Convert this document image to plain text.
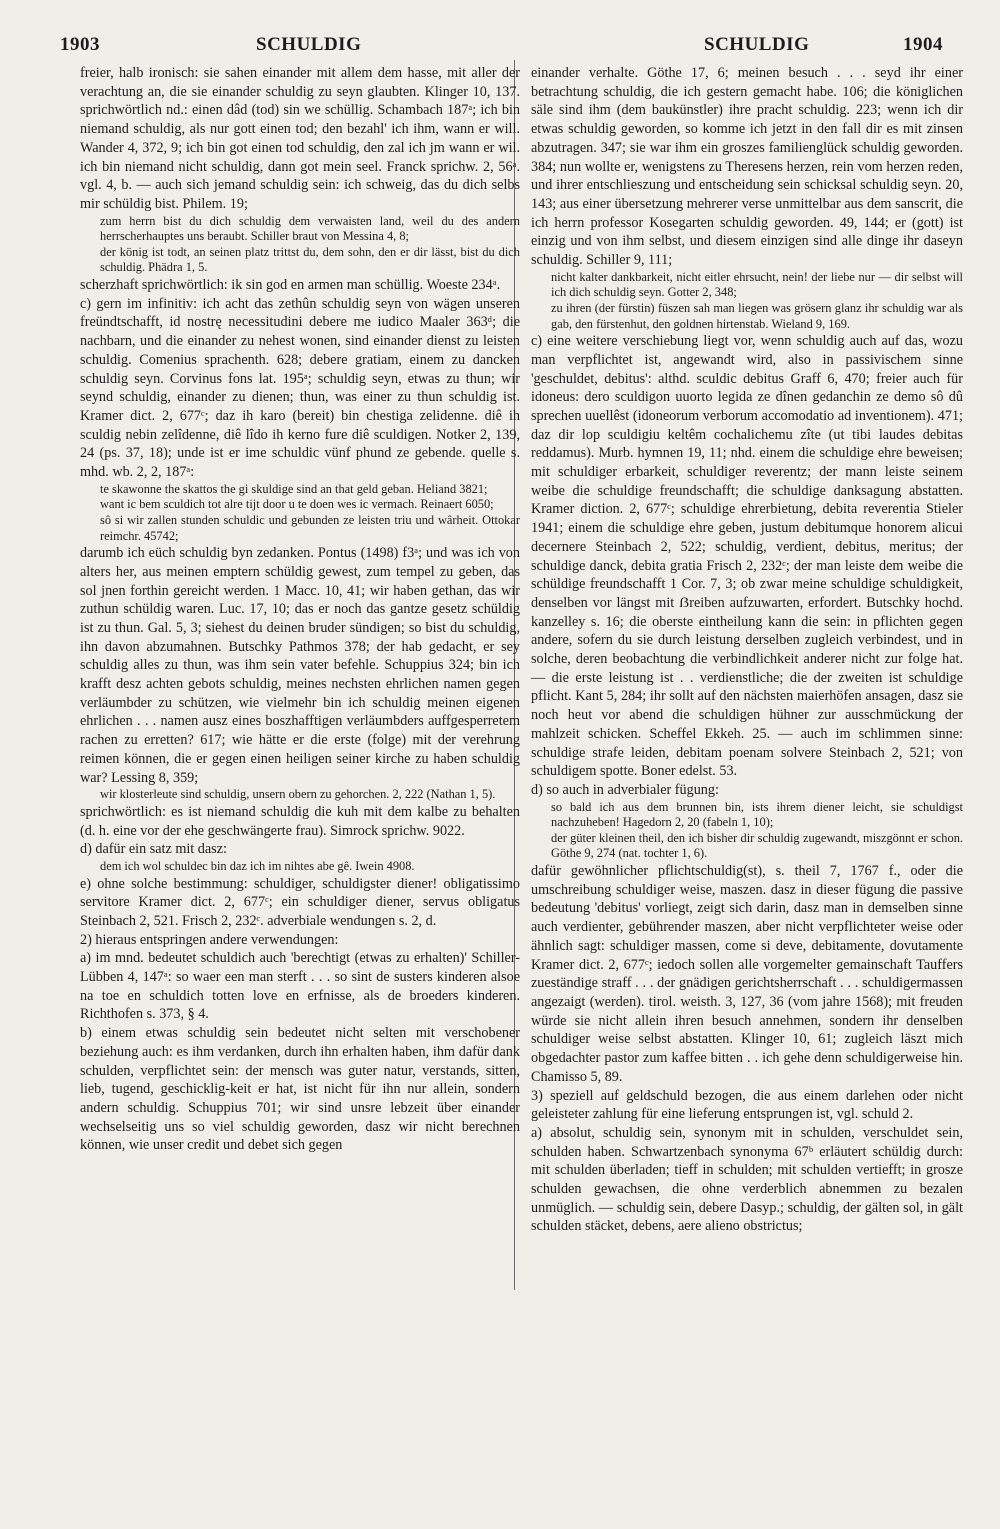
1903	SCHULDIG	SCHULDIG	1904

freier, halb ironisch: sie sahen einander mit allem dem hasse, mit aller der verachtung an, die sie einander schuldig zu seyn glaubten. Klinger 10, 137. sprichwörtlich nd.: einen dâd (tod) sin we schüllig. Schambach 187ᵃ; ich bin niemand schuldig, als nur gott einen tod; den bezahl' ich ihm, wann er will. Wander 4, 372, 9; ich bin got einen tod schuldig, den zal ich jm wann er wil. ich bin niemand nicht schuldig, dann got mein seel. Franck sprichw. 2, 56ᵃ. vgl. 4, b. — auch sich jemand schuldig sein: ich schweig, das du dich selbs mir schüldig bist. Philem. 19;

zum herrn bist du dich schuldig dem verwaisten land, weil du des andern herrscherhauptes uns beraubt. Schiller braut von Messina 4, 8;

der könig ist todt, an seinen platz trittst du, dem sohn, den er dir lässt, bist du dich schuldig. Phädra 1, 5.

scherzhaft sprichwörtlich: ik sin god en armen man schüllig. Woeste 234ᵃ.

c) gern im infinitiv: ich acht das zethûn schuldig seyn von wägen unseren freündtschafft, id nostrę necessitudini debere me iudico Maaler 363ᵈ; die nachbarn, und die einander zu nehest wonen, sind einander dienst zu leisten schuldig. Comenius sprachenth. 628; debere gratiam, einem zu dancken schuldig seyn. Corvinus fons lat. 195ᵃ; schuldig seyn, etwas zu thun; wir seynd schuldig, einander zu dienen; thun, was einer zu thun schuldig ist. Kramer dict. 2, 677ᶜ; daz ih karo (bereit) bin chestiga zelidenne. diê ih sculdig nebin zelîdenne, diê lîdo ih kerno fure diê sculdigen. Notker 2, 139, 24 (ps. 37, 18); unde ist er ime schuldic vünf phund ze gebende. quelle s. mhd. wb. 2, 2, 187ᵃ:

te skawonne the skattos the gi skuldige sind an that geld geban. Heliand 3821;

want ic bem sculdich tot alre tijt door u te doen wes ic vermach. Reinaert 6050;

sô si wir zallen stunden schuldic und gebunden ze leisten triu und wârheit. Ottokar reimchr. 45742;

darumb ich eüch schuldig byn zedanken. Pontus (1498) f3ᵃ; und was ich von alters her, aus meinen emptern schüldig gewest, zum tempel zu geben, das sol jnen forthin gereicht werden. 1 Macc. 10, 41; wir haben gethan, das wir zuthun schüldig waren. Luc. 17, 10; das er noch das gantze gesetz schüldig ist zu thun. Gal. 5, 3; siehest du deinen bruder sündigen; so bist du schuldig, ihn davon abzumahnen. Butschky Pathmos 378; der hab gedacht, er sey schuldig alles zu thun, was ihm sein vater befehle. Schuppius 324; bin ich krafft desz achten gebots schuldig, meines nechsten ehrlichen namen gegen verläumbder zu schützen, wie vielmehr bin ich schuldig meinen eigenen ehrlichen . . . namen ausz eines boszhafftigen verläumbders auffgesperretem rachen zu erretten? 617; wie hätte er die erste (folge) mit der verehrung reimen können, die er gegen einen heiligen seiner kirche zu haben schuldig war? Lessing 8, 359;

wir klosterleute sind schuldig, unsern obern zu gehorchen. 2, 222 (Nathan 1, 5).

sprichwörtlich: es ist niemand schuldig die kuh mit dem kalbe zu behalten (d. h. eine vor der ehe geschwängerte frau). Simrock sprichw. 9022.

d) dafür ein satz mit dasz:

dem ich wol schuldec bin daz ich im nihtes abe gê. Iwein 4908.

e) ohne solche bestimmung: schuldiger, schuldigster diener! obligatissimo servitore Kramer dict. 2, 677ᶜ; ein schuldiger diener, servus obligatus Steinbach 2, 521. Frisch 2, 232ᶜ. adverbiale wendungen s. 2, d.

2) hieraus entspringen andere verwendungen:

a) im mnd. bedeutet schuldich auch 'berechtigt (etwas zu erhalten)' Schiller-Lübben 4, 147ᵃ: so waer een man sterft . . . so sint de susters kinderen alsoe na toe en schuldich totten love en erfnisse, als de broeders kinderen. Richthofen s. 373, § 4.

b) einem etwas schuldig sein bedeutet nicht selten mit verschobener beziehung auch: es ihm verdanken, durch ihn erhalten haben, ihm dafür dank schulden, verpflichtet sein: der mensch was guter natur, verstands, sitten, lieb, tugend, geschicklig-keit er hat, ist nicht für ihn nur allein, sondern andern schuldig. Schuppius 701; wir sind unsre lebzeit über einander wechselseitig uns so viel schuldig geworden, dasz wir nicht berechnen können, wie unser credit und debet sich gegen

einander verhalte. Göthe 17, 6; meinen besuch . . . seyd ihr einer betrachtung schuldig, die ich gestern gemacht habe. 106; die königlichen säle sind ihm (dem baukünstler) ihre pracht schuldig. 223; wenn ich dir etwas schuldig geworden, so komme ich jetzt in den fall dir es mit zinsen abzutragen. 347; sie war ihm ein groszes familienglück schuldig geworden. 384; nun wollte er, wenigstens zu Theresens herzen, rein vom herzen reden, und ihrer entschlieszung und entscheidung sein schicksal schuldig seyn. 20, 143; aus einer übersetzung mehrerer verse unmittelbar aus dem sanscrit, die ich herrn professor Kosegarten schuldig geworden. 49, 144; er (gott) ist einzig und von ihm selbst, und diesem einzigen sind alle dinge ihr daseyn schuldig. Schiller 9, 111;

nicht kalter dankbarkeit, nicht eitler ehrsucht, nein! der liebe nur — dir selbst will ich dich schuldig seyn. Gotter 2, 348;

zu ihren (der fürstin) füszen sah man liegen was grösern glanz ihr schuldig war als gab, den fürstenhut, den goldnen hirtenstab. Wieland 9, 169.

c) eine weitere verschiebung liegt vor, wenn schuldig auch auf das, wozu man verpflichtet ist, angewandt wird, also in passivischem sinne 'geschuldet, debitus': althd. sculdic debitus Graff 6, 470; freier auch für idoneus: dero sculdigon uuorto legida ze dînen gedanchin ze demo sô dû sprechen uuellêst (idoneorum verborum accomodatio ad inventionem). 471; daz dir lop sculdigiu keltêm cochalichemu zîte (ut tibi laudes debitas reddamus). Murb. hymnen 19, 11; nhd. einem die schuldige ehre beweisen; mit schuldiger erbarkeit, schuldiger reverentz; der mann leiste seinem weibe die schuldige freundschafft; die schuldige danksagung abstatten. Kramer diction. 2, 677ᶜ; schuldige ehrerbietung, debita reverentia Stieler 1941; einem die schuldige ehre geben, justum debitumque honorem alicui decernere Steinbach 2, 522; schuldig, verdient, debitus, meritus; der schuldige danck, debita gratia Frisch 2, 232ᶜ; der man leiste dem weibe die schüldige freundschafft 1 Cor. 7, 3; ob zwar meine schuldige schuldigkeit, denselben vor längst mit ẞreiben aufzuwarten, erfordert. Butschky hochd. kanzelley s. 16; die oberste eintheilung kann die sein: in pflichten gegen andere, sofern du sie durch leistung derselben zugleich verbindest, und in solche, deren beobachtung die verbindlichkeit anderer nicht zur folge hat. — die erste leistung ist . . verdienstliche; die der zweiten ist schuldige pflicht. Kant 5, 284; ihr sollt auf den nächsten maierhöfen ansagen, dasz sie noch heut vor abend die schuldigen hühner zur ausschmückung der mahlzeit schicken. Scheffel Ekkeh. 25. — auch im schlimmen sinne: schuldige strafe leiden, debitam poenam solvere Steinbach 2, 521; von schuldigem spotte. Boner edelst. 53.

d) so auch in adverbialer fügung:

so bald ich aus dem brunnen bin, ists ihrem diener leicht, sie schuldigst nachzuheben! Hagedorn 2, 20 (fabeln 1, 10);

der güter kleinen theil, den ich bisher dir schuldig zugewandt, miszgönnt er schon. Göthe 9, 274 (nat. tochter 1, 6).

dafür gewöhnlicher pflichtschuldig(st), s. theil 7, 1767 f., oder die umschreibung schuldiger weise, maszen. dasz in dieser fügung die passive bedeutung 'debitus' vorliegt, zeigt sich darin, dasz man in demselben sinne auch verdienter, gebührender maszen, aber nicht verpflichteter weise oder ähnlich sagt: schuldiger massen, come si deve, debitamente, dovutamente Kramer dict. 2, 677ᶜ; iedoch sollen alle vorgemelter gemainschaft Tauffers zueständige straff . . . der gnädigen gerichtsherrschaft . . . schuldigermassen angezaigt (werden). tirol. weisth. 3, 127, 36 (vom jahre 1568); mit freuden würde sie nicht allein ihren besuch annehmen, sondern ihr denselben schuldiger weise selbst abstatten. Klinger 10, 61; zugleich läszt mich obgedachter pastor zum kaffee bitten . . ich gehe denn schuldigerweise hin. Chamisso 5, 89.

3) speziell auf geldschuld bezogen, die aus einem darlehen oder nicht geleisteter zahlung für eine lieferung entsprungen ist, vgl. schuld 2.

a) absolut, schuldig sein, synonym mit in schulden, verschuldet sein, schulden haben. Schwartzenbach synonyma 67ᵇ erläutert schüldig durch: mit schulden überladen; tieff in schulden; mit schulden vertiefft; in grosze schulden gewachsen, die ohne verderblich abnemmen zu bezalen unmüglich. — schuldig sein, debere Dasyp.; schuldig, der gälten sol, in gält schulden stäcket, debens, aere alieno obstrictus;
